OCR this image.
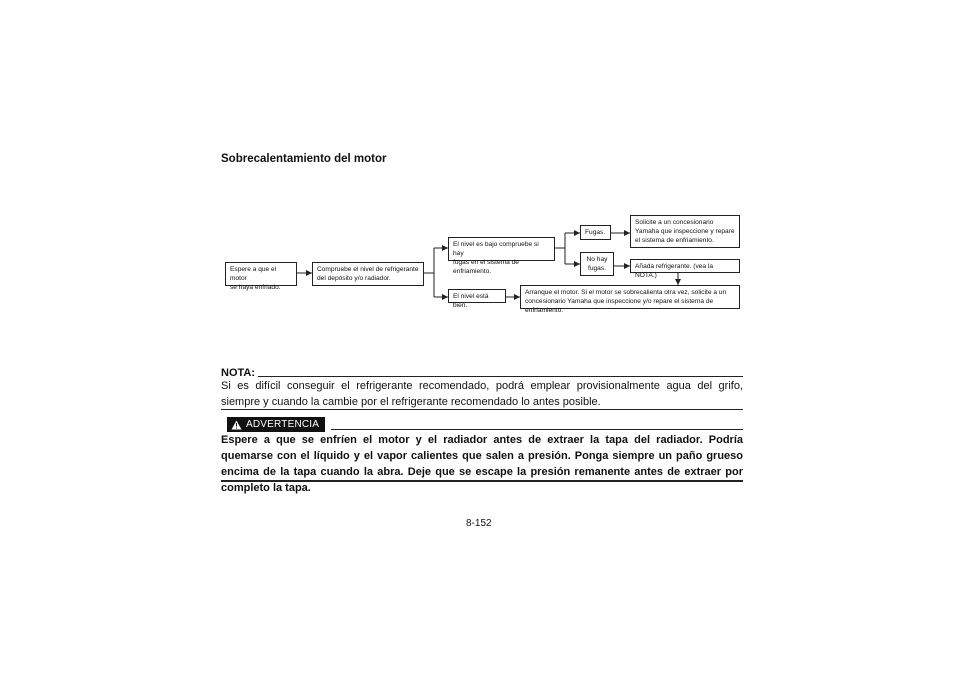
Sobrecalentamiento del motor
Espere a que el motor
se haya enfriado.
Compruebe el nivel de refrigerante
del depósito y/o radiador.
El nivel es bajo compruebe si hay
fugas en el sistema de enfriamiento.
El nivel está bien.
Fugas.
No hay
fugas.
Solicite a un concesionario
Yamaha que inspeccione y repare
el sistema de enfriamiento.
Añada refrigerante. (vea la NOTA.)
Arranque el motor. Si el motor se sobrecalienta otra vez, solicite a un
concesionario Yamaha que inspeccione y/o repare el sistema de enfriamiento.
NOTA:
Si es difícil conseguir el refrigerante recomendado, podrá emplear provisionalmente agua del grifo, siempre y cuando la cambie por el refrigerante recomendado lo antes posible.
ADVERTENCIA
Espere a que se enfríen el motor y el radiador antes de extraer la tapa del radiador. Podría quemarse con el líquido y el vapor calientes que salen a presión. Ponga siempre un paño grueso encima de la tapa cuando la abra. Deje que se escape la presión remanente antes de extraer por completo la tapa.
8-152
